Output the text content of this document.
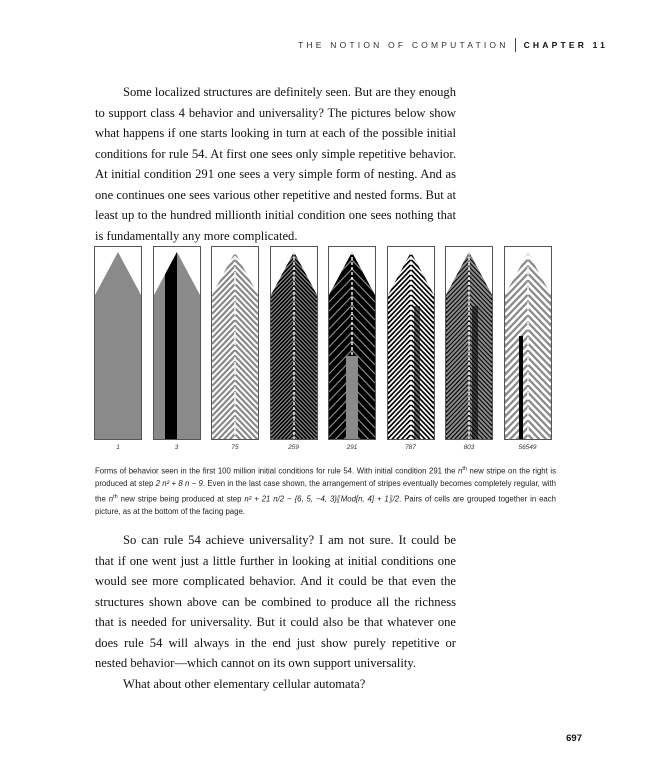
THE NOTION OF COMPUTATION CHAPTER 11

Some localized structures are definitely seen. But are they enough to support class 4 behavior and universality? The pictures below show what happens if one starts looking in turn at each of the possible initial conditions for rule 54. At first one sees only simple repetitive behavior. At initial condition 291 one sees a very simple form of nesting. And as one continues one sees various other repetitive and nested forms. But at least up to the hundred millionth initial condition one sees nothing that is fundamentally any more complicated.

1	3	75	259	291	787	803	56549

Forms of behavior seen in the first 100 million initial conditions for rule 54. With initial condition 291 the $n^{th}$ new stripe on the right is produced at step 2 n² + 8 n − 9. Even in the last case shown, the arrangement of stripes eventually becomes completely regular, with the $n^{th}$ new stripe being produced at step n² + 21 n/2 − {6, 5, −4, 3}⟦Mod[n, 4] + 1⟧/2. Pairs of cells are grouped together in each picture, as at the bottom of the facing page.

So can rule 54 achieve universality? I am not sure. It could be that if one went just a little further in looking at initial conditions one would see more complicated behavior. And it could be that even the structures shown above can be combined to produce all the richness that is needed for universality. But it could also be that whatever one does rule 54 will always in the end just show purely repetitive or nested behavior—which cannot on its own support universality.

What about other elementary cellular automata?

697
